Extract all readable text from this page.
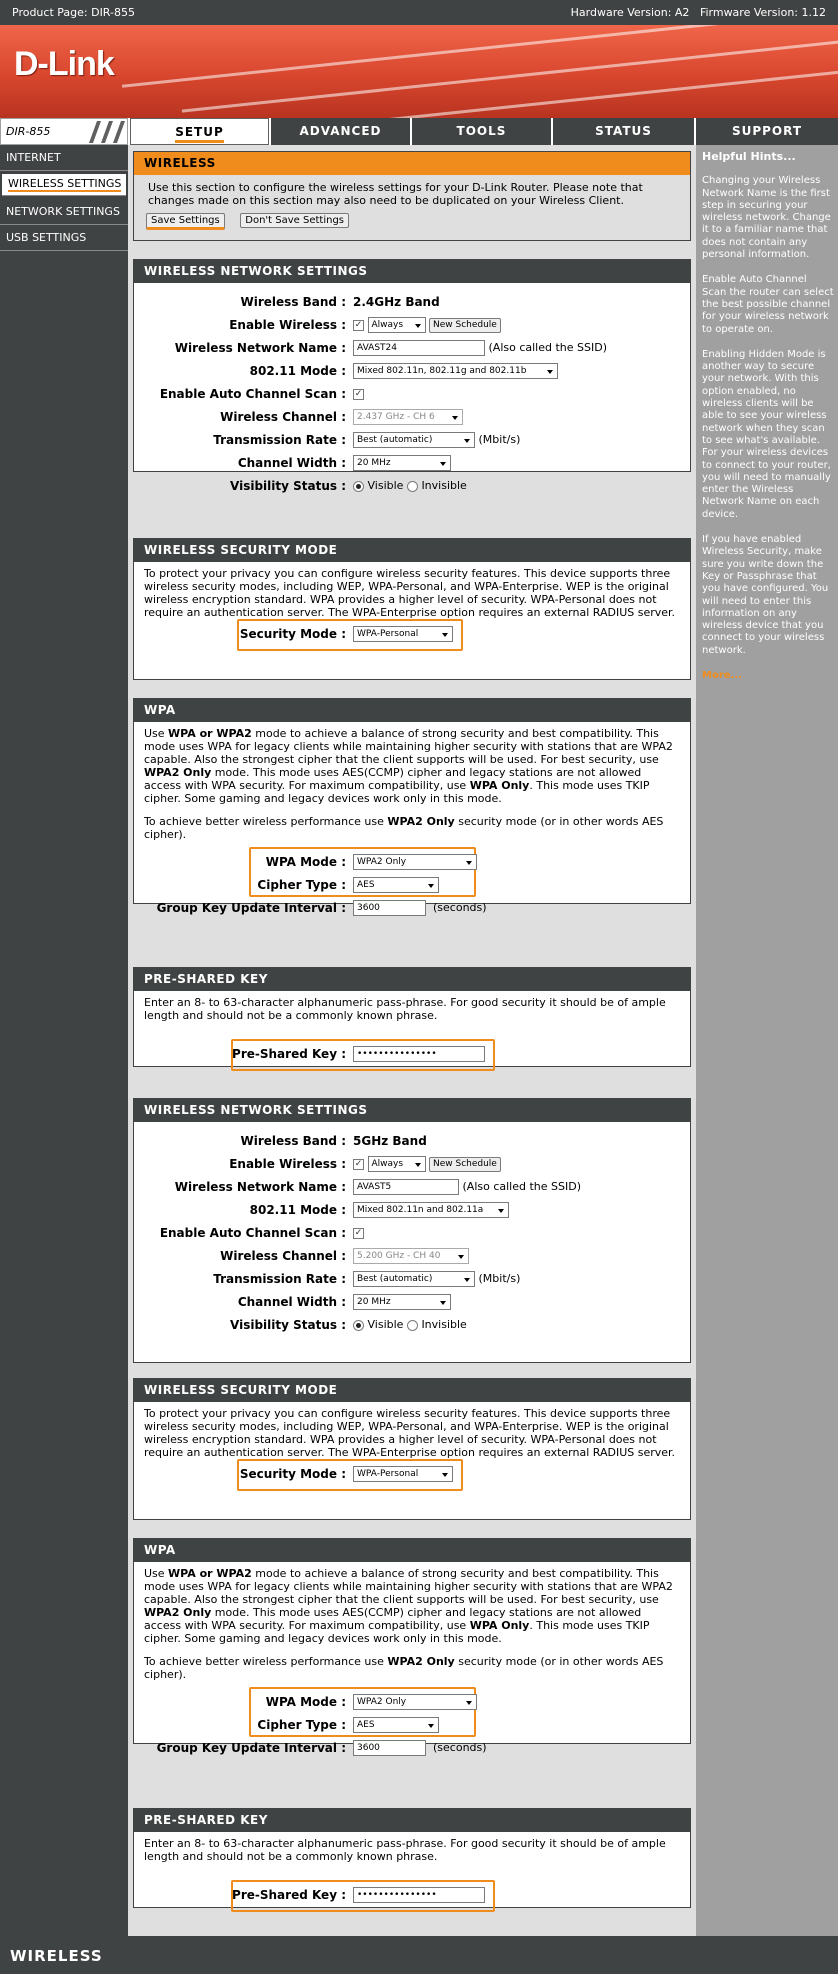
Product Page: DIR-855	Hardware Version: A2 Firmware Version: 1.12
D-Link
DIR-855	SETUP	ADVANCED	TOOLS	STATUS	SUPPORT
INTERNET
WIRELESS SETTINGS
NETWORK SETTINGS
USB SETTINGS
WIRELESS
Use this section to configure the wireless settings for your D-Link Router. Please note that changes made on this section may also need to be duplicated on your Wireless Client.
Save Settings	Don't Save Settings
WIRELESS NETWORK SETTINGS
Wireless Band : 2.4GHz Band
Enable Wireless : ✓ Always	New Schedule
Wireless Network Name :	AVAST24	(Also called the SSID)
802.11 Mode :	Mixed 802.11n, 802.11g and 802.11b
Enable Auto Channel Scan : ✓
Wireless Channel :	2.437 GHz - CH 6
Transmission Rate :	Best (automatic)	(Mbit/s)
Channel Width :	20 MHz
Visibility Status :	Visible Invisible
WIRELESS SECURITY MODE
To protect your privacy you can configure wireless security features. This device supports three wireless security modes, including WEP, WPA-Personal, and WPA-Enterprise. WEP is the original wireless encryption standard. WPA provides a higher level of security. WPA-Personal does not require an authentication server. The WPA-Enterprise option requires an external RADIUS server.
Security Mode :	WPA-Personal
WPA
Use WPA or WPA2 mode to achieve a balance of strong security and best compatibility. This mode uses WPA for legacy clients while maintaining higher security with stations that are WPA2 capable. Also the strongest cipher that the client supports will be used. For best security, use WPA2 Only mode. This mode uses AES(CCMP) cipher and legacy stations are not allowed access with WPA security. For maximum compatibility, use WPA Only. This mode uses TKIP cipher. Some gaming and legacy devices work only in this mode.
To achieve better wireless performance use WPA2 Only security mode (or in other words AES cipher).
WPA Mode :	WPA2 Only
Cipher Type :	AES
Group Key Update Interval :	3600	(seconds)
PRE-SHARED KEY
Enter an 8- to 63-character alphanumeric pass-phrase. For good security it should be of ample length and should not be a commonly known phrase.
Pre-Shared Key :	•••••••••••••••
WIRELESS NETWORK SETTINGS
Wireless Band : 5GHz Band
Enable Wireless : ✓ Always	New Schedule
Wireless Network Name :	AVAST5	(Also called the SSID)
802.11 Mode :	Mixed 802.11n and 802.11a
Enable Auto Channel Scan : ✓
Wireless Channel :	5.200 GHz - CH 40
Transmission Rate :	Best (automatic)	(Mbit/s)
Channel Width :	20 MHz
Visibility Status :	Visible Invisible
WIRELESS SECURITY MODE
To protect your privacy you can configure wireless security features. This device supports three wireless security modes, including WEP, WPA-Personal, and WPA-Enterprise. WEP is the original wireless encryption standard. WPA provides a higher level of security. WPA-Personal does not require an authentication server. The WPA-Enterprise option requires an external RADIUS server.
Security Mode :	WPA-Personal
WPA
Use WPA or WPA2 mode to achieve a balance of strong security and best compatibility. This mode uses WPA for legacy clients while maintaining higher security with stations that are WPA2 capable. Also the strongest cipher that the client supports will be used. For best security, use WPA2 Only mode. This mode uses AES(CCMP) cipher and legacy stations are not allowed access with WPA security. For maximum compatibility, use WPA Only. This mode uses TKIP cipher. Some gaming and legacy devices work only in this mode.
To achieve better wireless performance use WPA2 Only security mode (or in other words AES cipher).
WPA Mode :	WPA2 Only
Cipher Type :	AES
Group Key Update Interval :	3600	(seconds)
PRE-SHARED KEY
Enter an 8- to 63-character alphanumeric pass-phrase. For good security it should be of ample length and should not be a commonly known phrase.
Pre-Shared Key :	•••••••••••••••
Helpful Hints...

Changing your Wireless Network Name is the first step in securing your wireless network. Change it to a familiar name that does not contain any personal information.

Enable Auto Channel Scan the router can select the best possible channel for your wireless network to operate on.

Enabling Hidden Mode is another way to secure your network. With this option enabled, no wireless clients will be able to see your wireless network when they scan to see what's available. For your wireless devices to connect to your router, you will need to manually enter the Wireless Network Name on each device.

If you have enabled Wireless Security, make sure you write down the Key or Passphrase that you have configured. You will need to enter this information on any wireless device that you connect to your wireless network.

More...
WIRELESS
